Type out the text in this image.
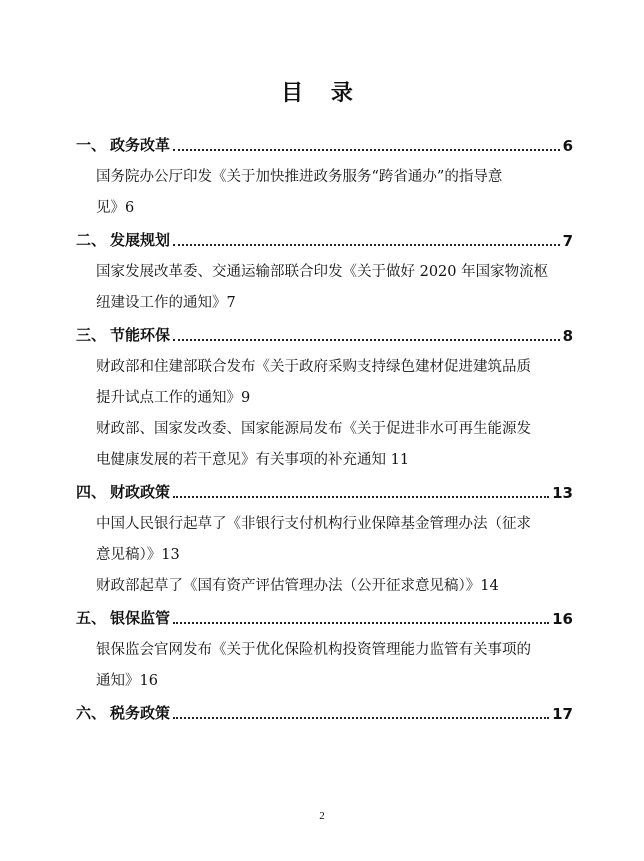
目 录
一、 政务改革	6
国务院办公厅印发《关于加快推进政务服务“跨省通办”的指导意
见》6
二、 发展规划	7
国家发展改革委、交通运输部联合印发《关于做好 2020 年国家物流枢
纽建设工作的通知》7
三、 节能环保	8
财政部和住建部联合发布《关于政府采购支持绿色建材促进建筑品质
提升试点工作的通知》9
财政部、国家发改委、国家能源局发布《关于促进非水可再生能源发
电健康发展的若干意见》有关事项的补充通知 11
四、 财政政策	13
中国人民银行起草了《非银行支付机构行业保障基金管理办法（征求
意见稿）》13
财政部起草了《国有资产评估管理办法（公开征求意见稿）》14
五、 银保监管	16
银保监会官网发布《关于优化保险机构投资管理能力监管有关事项的
通知》16
六、 税务政策	17
2
